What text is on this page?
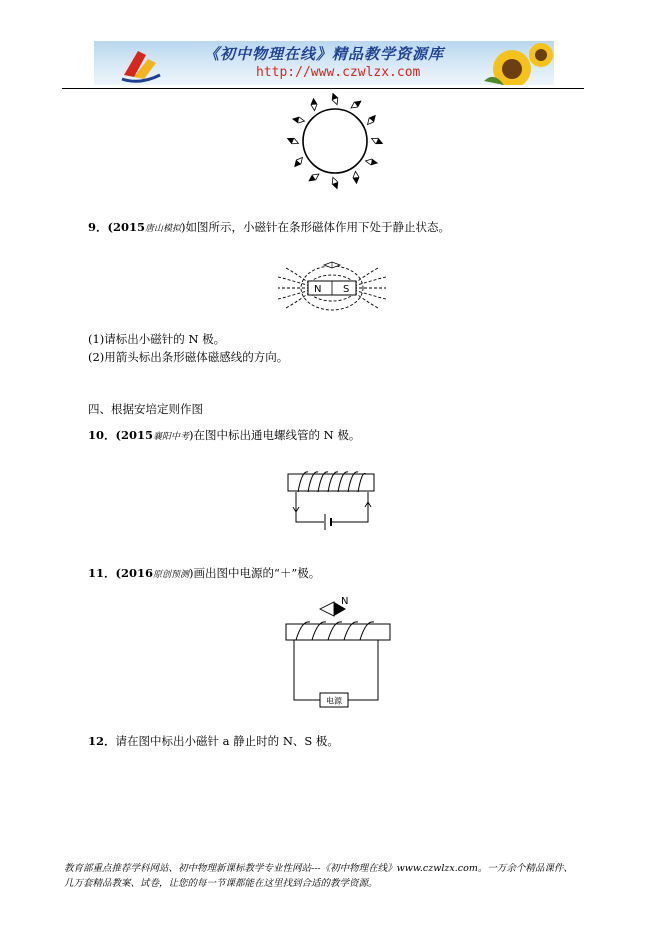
《初中物理在线》精品教学资源库
http://www.czwlzx.com
9．(2015唐山模拟)如图所示，小磁针在条形磁体作用下处于静止状态。
N S
(1)请标出小磁针的 N 极。
(2)用箭头标出条形磁体磁感线的方向。
四、根据安培定则作图
10．(2015襄阳中考)在图中标出通电螺线管的 N 极。
11．(2016原创预测)画出图中电源的“＋”极。
N
电源
12．请在图中标出小磁针 a 静止时的 N、S 极。
教育部重点推荐学科网站、初中物理新课标教学专业性网站---《初中物理在线》www.czwlzx.com。一万余个精品课件、
几万套精品教案、试卷，让您的每一节课都能在这里找到合适的教学资源。
